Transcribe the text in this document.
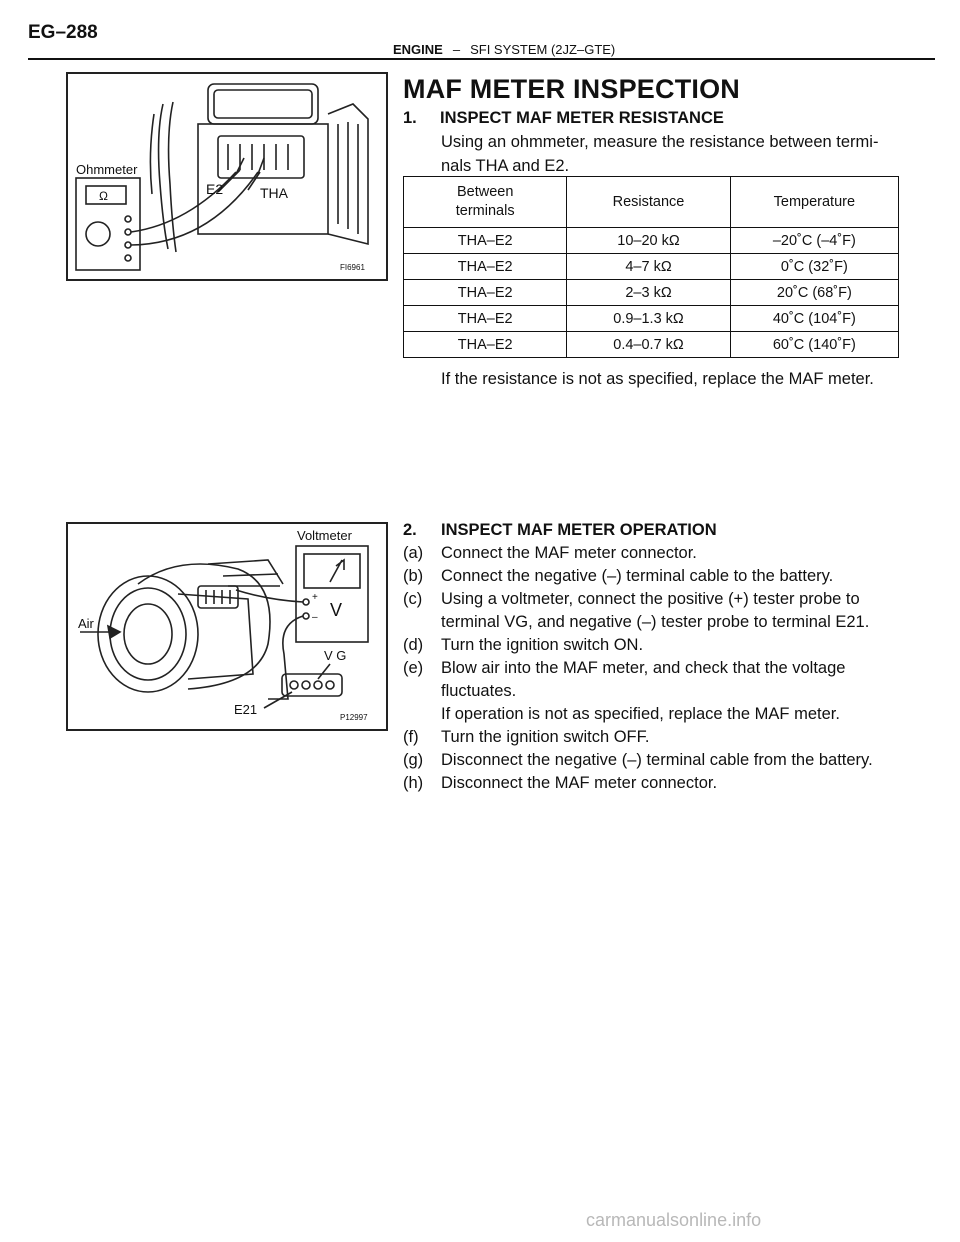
EG–288
ENGINE – SFI SYSTEM (2JZ–GTE)
Ohmmeter
Ω	E2	THA
FI6961
MAF METER INSPECTION
1. INSPECT MAF METER RESISTANCE
Using an ohmmeter, measure the resistance between termi-
nals THA and E2.
Between
terminals	Resistance	Temperature
THA–E2	10–20 kΩ	–20˚C (–4˚F)
THA–E2	4–7 kΩ	0˚C (32˚F)
THA–E2	2–3 kΩ	20˚C (68˚F)
THA–E2	0.9–1.3 kΩ	40˚C (104˚F)
THA–E2	0.4–0.7 kΩ	60˚C (140˚F)
If the resistance is not as specified, replace the MAF meter.
Voltmeter
+
– V
Air
V G
E21
P12997
2.	INSPECT MAF METER OPERATION
(a)	Connect the MAF meter connector.
(b)	Connect the negative (–) terminal cable to the battery.
(c)	Using a voltmeter, connect the positive (+) tester probe to
terminal VG, and negative (–) tester probe to terminal E21.
(d)	Turn the ignition switch ON.
(e)	Blow air into the MAF meter, and check that the voltage
fluctuates.
If operation is not as specified, replace the MAF meter.
(f)	Turn the ignition switch OFF.
(g)	Disconnect the negative (–) terminal cable from the battery.
(h)	Disconnect the MAF meter connector.
carmanualsonline.info
